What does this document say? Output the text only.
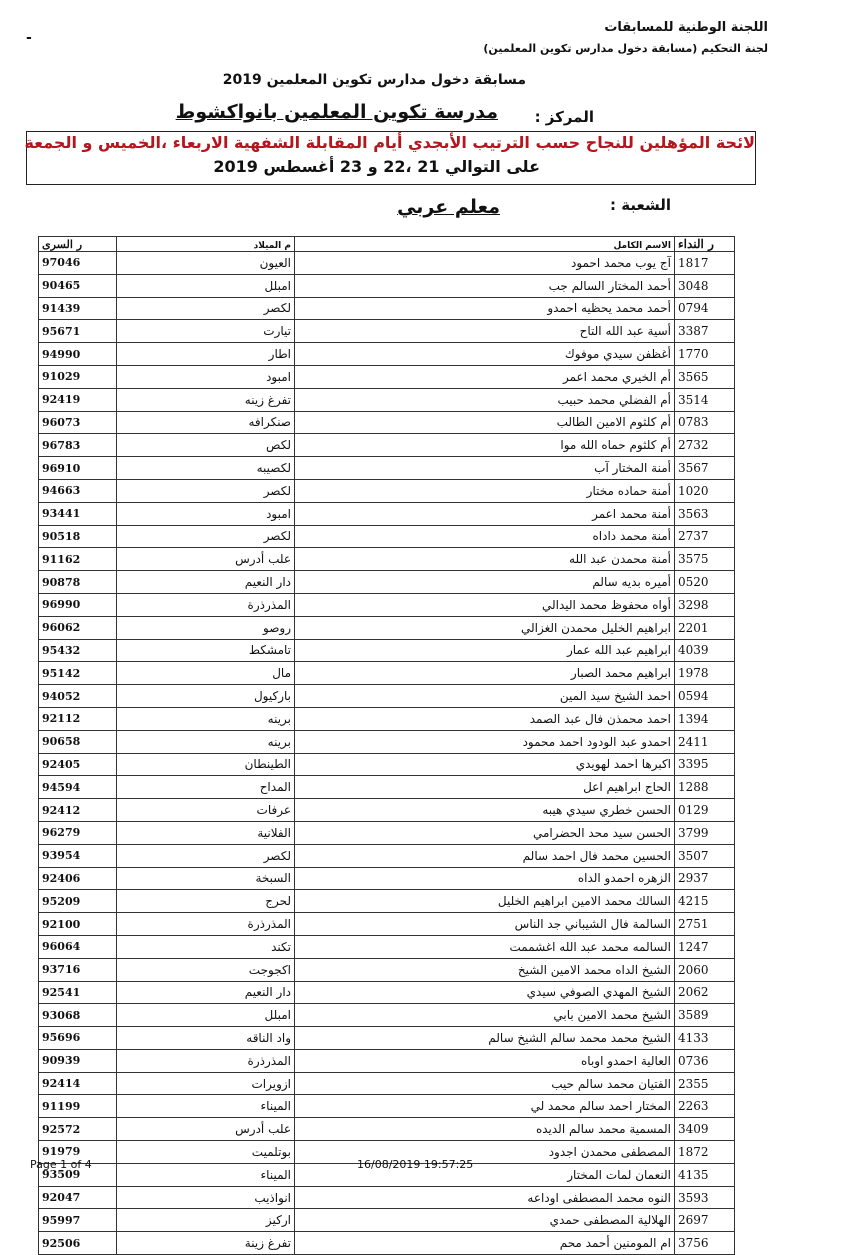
اللجنة الوطنية للمسابقات
لجنة التحكيم (مسابقة دخول مدارس تكوين المعلمين)
-
مسابقة دخول مدارس تكوين المعلمين 2019
المركز :
مدرسة تكوين المعلمين بانواكشوط
لائحة المؤهلين للنجاح حسب الترتيب الأبجدي أيام المقابلة الشفهية الاربعاء ،الخميس و الجمعة
على التوالي 21 ،22 و 23 أغسطس 2019
الشعبة :
معلم عربي
ر السرى	م الميلاد	الاسم الكامل	ر النداء
97046	العيون	آج يوب محمد احمود	1817
90465	امبلل	أحمد المختار السالم جب	3048
91439	لكصر	أحمد محمد يحظيه احمدو	0794
95671	تيارت	أسية عبد الله التاح	3387
94990	اطار	أغظفن سيدي موفوك	1770
91029	امبود	أم الخيري محمد اعمر	3565
92419	تفرغ زينه	أم الفضلي محمد حبيب	3514
96073	صنكرافه	أم كلثوم الامين الطالب	0783
96783	لكص	أم كلثوم حماه الله موا	2732
96910	لكصيبه	أمنة المختار آب	3567
94663	لكصر	أمنة حماده مختار	1020
93441	امبود	أمنة محمد اعمر	3563
90518	لكصر	أمنة محمد داداه	2737
91162	علب أدرس	أمنة محمدن عبد الله	3575
90878	دار النعيم	أميره بديه سالم	0520
96990	المذرذرة	أواه محفوظ محمد اليدالي	3298
96062	روصو	ابراهيم الخليل محمدن الغزالي	2201
95432	تامشكط	ابراهيم عبد الله عمار	4039
95142	مال	ابراهيم محمد الصبار	1978
94052	باركيول	احمد الشيخ سيد المين	0594
92112	برينه	احمد محمذن فال عبد الصمد	1394
90658	برينه	احمدو عبد الودود احمد محمود	2411
92405	الطينطان	اكبرها احمد لهويدي	3395
94594	المداح	الحاج ابراهيم اعل	1288
92412	عرفات	الحسن خطري سيدي هيبه	0129
96279	الفلانية	الحسن سيد محد الحضرامي	3799
93954	لكصر	الحسين محمد فال احمد سالم	3507
92406	السبخة	الزهره احمدو الداه	2937
95209	لحرج	السالك محمد الامين ابراهيم الخليل	4215
92100	المذرذرة	السالمة فال الشيباني جد الناس	2751
96064	تكند	السالمه محمد عبد الله اغشممت	1247
93716	اكجوجت	الشيخ الداه محمد الامين الشيخ	2060
92541	دار النعيم	الشيخ المهدي الصوفي سيدي	2062
93068	امبلل	الشيخ محمد الامين بابي	3589
95696	واد الناقه	الشيخ محمد محمد سالم الشيخ سالم	4133
90939	المذرذرة	العالية احمدو اوباه	0736
92414	ازويرات	الفتيان محمد سالم حيب	2355
91199	الميناء	المختار احمد سالم محمد لي	2263
92572	علب أدرس	المسمية محمد سالم الديده	3409
91979	بوتلميت	المصطفى محمدن اجدود	1872
93509	الميناء	النعمان لمات المختار	4135
92047	انواذيب	النوه محمد المصطفى اوداعه	3593
95997	اركيز	الهلالية المصطفى حمدي	2697
92506	تفرغ زينة	ام المومنين أحمد محم	3756
Page 1 of 4	16/08/2019 19:57:25
